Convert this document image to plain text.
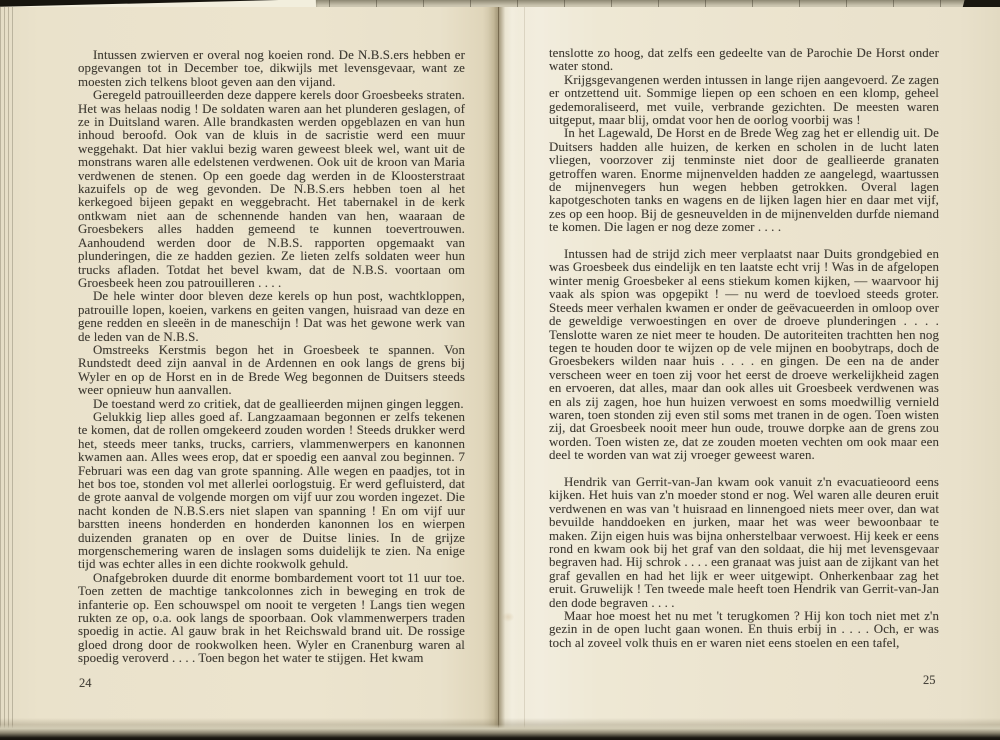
Intussen zwierven er overal nog koeien rond. De N.B.S.ers hebben er opgevangen tot in December toe, dikwijls met levensgevaar, want ze moesten zich telkens bloot geven aan den vijand.

Geregeld patrouilleerden deze dappere kerels door Groesbeeks straten. Het was helaas nodig ! De soldaten waren aan het plunderen geslagen, of ze in Duitsland waren. Alle brandkasten werden opgeblazen en van hun inhoud beroofd. Ook van de kluis in de sacristie werd een muur weggehakt. Dat hier vaklui bezig waren geweest bleek wel, want uit de monstrans waren alle edelstenen verdwenen. Ook uit de kroon van Maria verdwenen de stenen. Op een goede dag werden in de Kloosterstraat kazuifels op de weg gevonden. De N.B.S.ers hebben toen al het kerkegoed bijeen gepakt en weggebracht. Het tabernakel in de kerk ontkwam niet aan de schennende handen van hen, waaraan de Groesbekers alles hadden gemeend te kunnen toevertrouwen. Aanhoudend werden door de N.B.S. rapporten opgemaakt van plunderingen, die ze hadden gezien. Ze lieten zelfs soldaten weer hun trucks afladen. Totdat het bevel kwam, dat de N.B.S. voortaan om Groesbeek heen zou patrouilleren . . . .

De hele winter door bleven deze kerels op hun post, wachtkloppen, patrouille lopen, koeien, varkens en geiten vangen, huisraad van deze en gene redden en sleeën in de maneschijn ! Dat was het gewone werk van de leden van de N.B.S.

Omstreeks Kerstmis begon het in Groesbeek te spannen. Von Rundstedt deed zijn aanval in de Ardennen en ook langs de grens bij Wyler en op de Horst en in de Brede Weg begonnen de Duitsers steeds weer opnieuw hun aanvallen.

De toestand werd zo critiek, dat de geallieerden mijnen gingen leggen.

Gelukkig liep alles goed af. Langzaamaan begonnen er zelfs tekenen te komen, dat de rollen omgekeerd zouden worden ! Steeds drukker werd het, steeds meer tanks, trucks, carriers, vlammenwerpers en kanonnen kwamen aan. Alles wees erop, dat er spoedig een aanval zou beginnen. 7 Februari was een dag van grote spanning. Alle wegen en paadjes, tot in het bos toe, stonden vol met allerlei oorlogstuig. Er werd gefluisterd, dat de grote aanval de volgende morgen om vijf uur zou worden ingezet. Die nacht konden de N.B.S.ers niet slapen van spanning ! En om vijf uur barstten ineens honderden en honderden kanonnen los en wierpen duizenden granaten op en over de Duitse linies. In de grijze morgenschemering waren de inslagen soms duidelijk te zien. Na enige tijd was echter alles in een dichte rookwolk gehuld.

Onafgebroken duurde dit enorme bombardement voort tot 11 uur toe. Toen zetten de machtige tankcolonnes zich in beweging en trok de infanterie op. Een schouwspel om nooit te vergeten ! Langs tien wegen rukten ze op, o.a. ook langs de spoorbaan. Ook vlammenwerpers traden spoedig in actie. Al gauw brak in het Reichswald brand uit. De rossige gloed drong door de rookwolken heen. Wyler en Cranenburg waren al spoedig veroverd . . . . Toen begon het water te stijgen. Het kwam

tenslotte zo hoog, dat zelfs een gedeelte van de Parochie De Horst onder water stond.

Krijgsgevangenen werden intussen in lange rijen aangevoerd. Ze zagen er ontzettend uit. Sommige liepen op een schoen en een klomp, geheel gedemoraliseerd, met vuile, verbrande gezichten. De meesten waren uitgeput, maar blij, omdat voor hen de oorlog voorbij was !

In het Lagewald, De Horst en de Brede Weg zag het er ellendig uit. De Duitsers hadden alle huizen, de kerken en scholen in de lucht laten vliegen, voorzover zij tenminste niet door de geallieerde granaten getroffen waren. Enorme mijnenvelden hadden ze aangelegd, waartussen de mijnenvegers hun wegen hebben getrokken. Overal lagen kapotgeschoten tanks en wagens en de lijken lagen hier en daar met vijf, zes op een hoop. Bij de gesneuvelden in de mijnenvelden durfde niemand te komen. Die lagen er nog deze zomer . . . .

Intussen had de strijd zich meer verplaatst naar Duits grondgebied en was Groesbeek dus eindelijk en ten laatste echt vrij ! Was in de afgelopen winter menig Groesbeker al eens stiekum komen kijken, — waarvoor hij vaak als spion was opgepikt ! — nu werd de toevloed steeds groter. Steeds meer verhalen kwamen er onder de geëvacueerden in omloop over de geweldige verwoestingen en over de droeve plunderingen . . . . Tenslotte waren ze niet meer te houden. De autoriteiten trachtten hen nog tegen te houden door te wijzen op de vele mijnen en boobytraps, doch de Groesbekers wilden naar huis . . . . en gingen. De een na de ander verscheen weer en toen zij voor het eerst de droeve werkelijkheid zagen en ervoeren, dat alles, maar dan ook alles uit Groesbeek verdwenen was en als zij zagen, hoe hun huizen verwoest en soms moedwillig vernield waren, toen stonden zij even stil soms met tranen in de ogen. Toen wisten zij, dat Groesbeek nooit meer hun oude, trouwe dorpke aan de grens zou worden. Toen wisten ze, dat ze zouden moeten vechten om ook maar een deel te worden van wat zij vroeger geweest waren.

Hendrik van Gerrit-van-Jan kwam ook vanuit z'n evacuatieoord eens kijken. Het huis van z'n moeder stond er nog. Wel waren alle deuren eruit verdwenen en was van 't huisraad en linnengoed niets meer over, dan wat bevuilde handdoeken en jurken, maar het was weer bewoonbaar te maken. Zijn eigen huis was bijna onherstelbaar verwoest. Hij keek er eens rond en kwam ook bij het graf van den soldaat, die hij met levensgevaar begraven had. Hij schrok . . . . een granaat was juist aan de zijkant van het graf gevallen en had het lijk er weer uitgewipt. Onherkenbaar zag het eruit. Gruwelijk ! Ten tweede male heeft toen Hendrik van Gerrit-van-Jan den dode begraven . . . .

Maar hoe moest het nu met 't terugkomen ? Hij kon toch niet met z'n gezin in de open lucht gaan wonen. En thuis erbij in . . . . Och, er was toch al zoveel volk thuis en er waren niet eens stoelen en een tafel,

24	25
